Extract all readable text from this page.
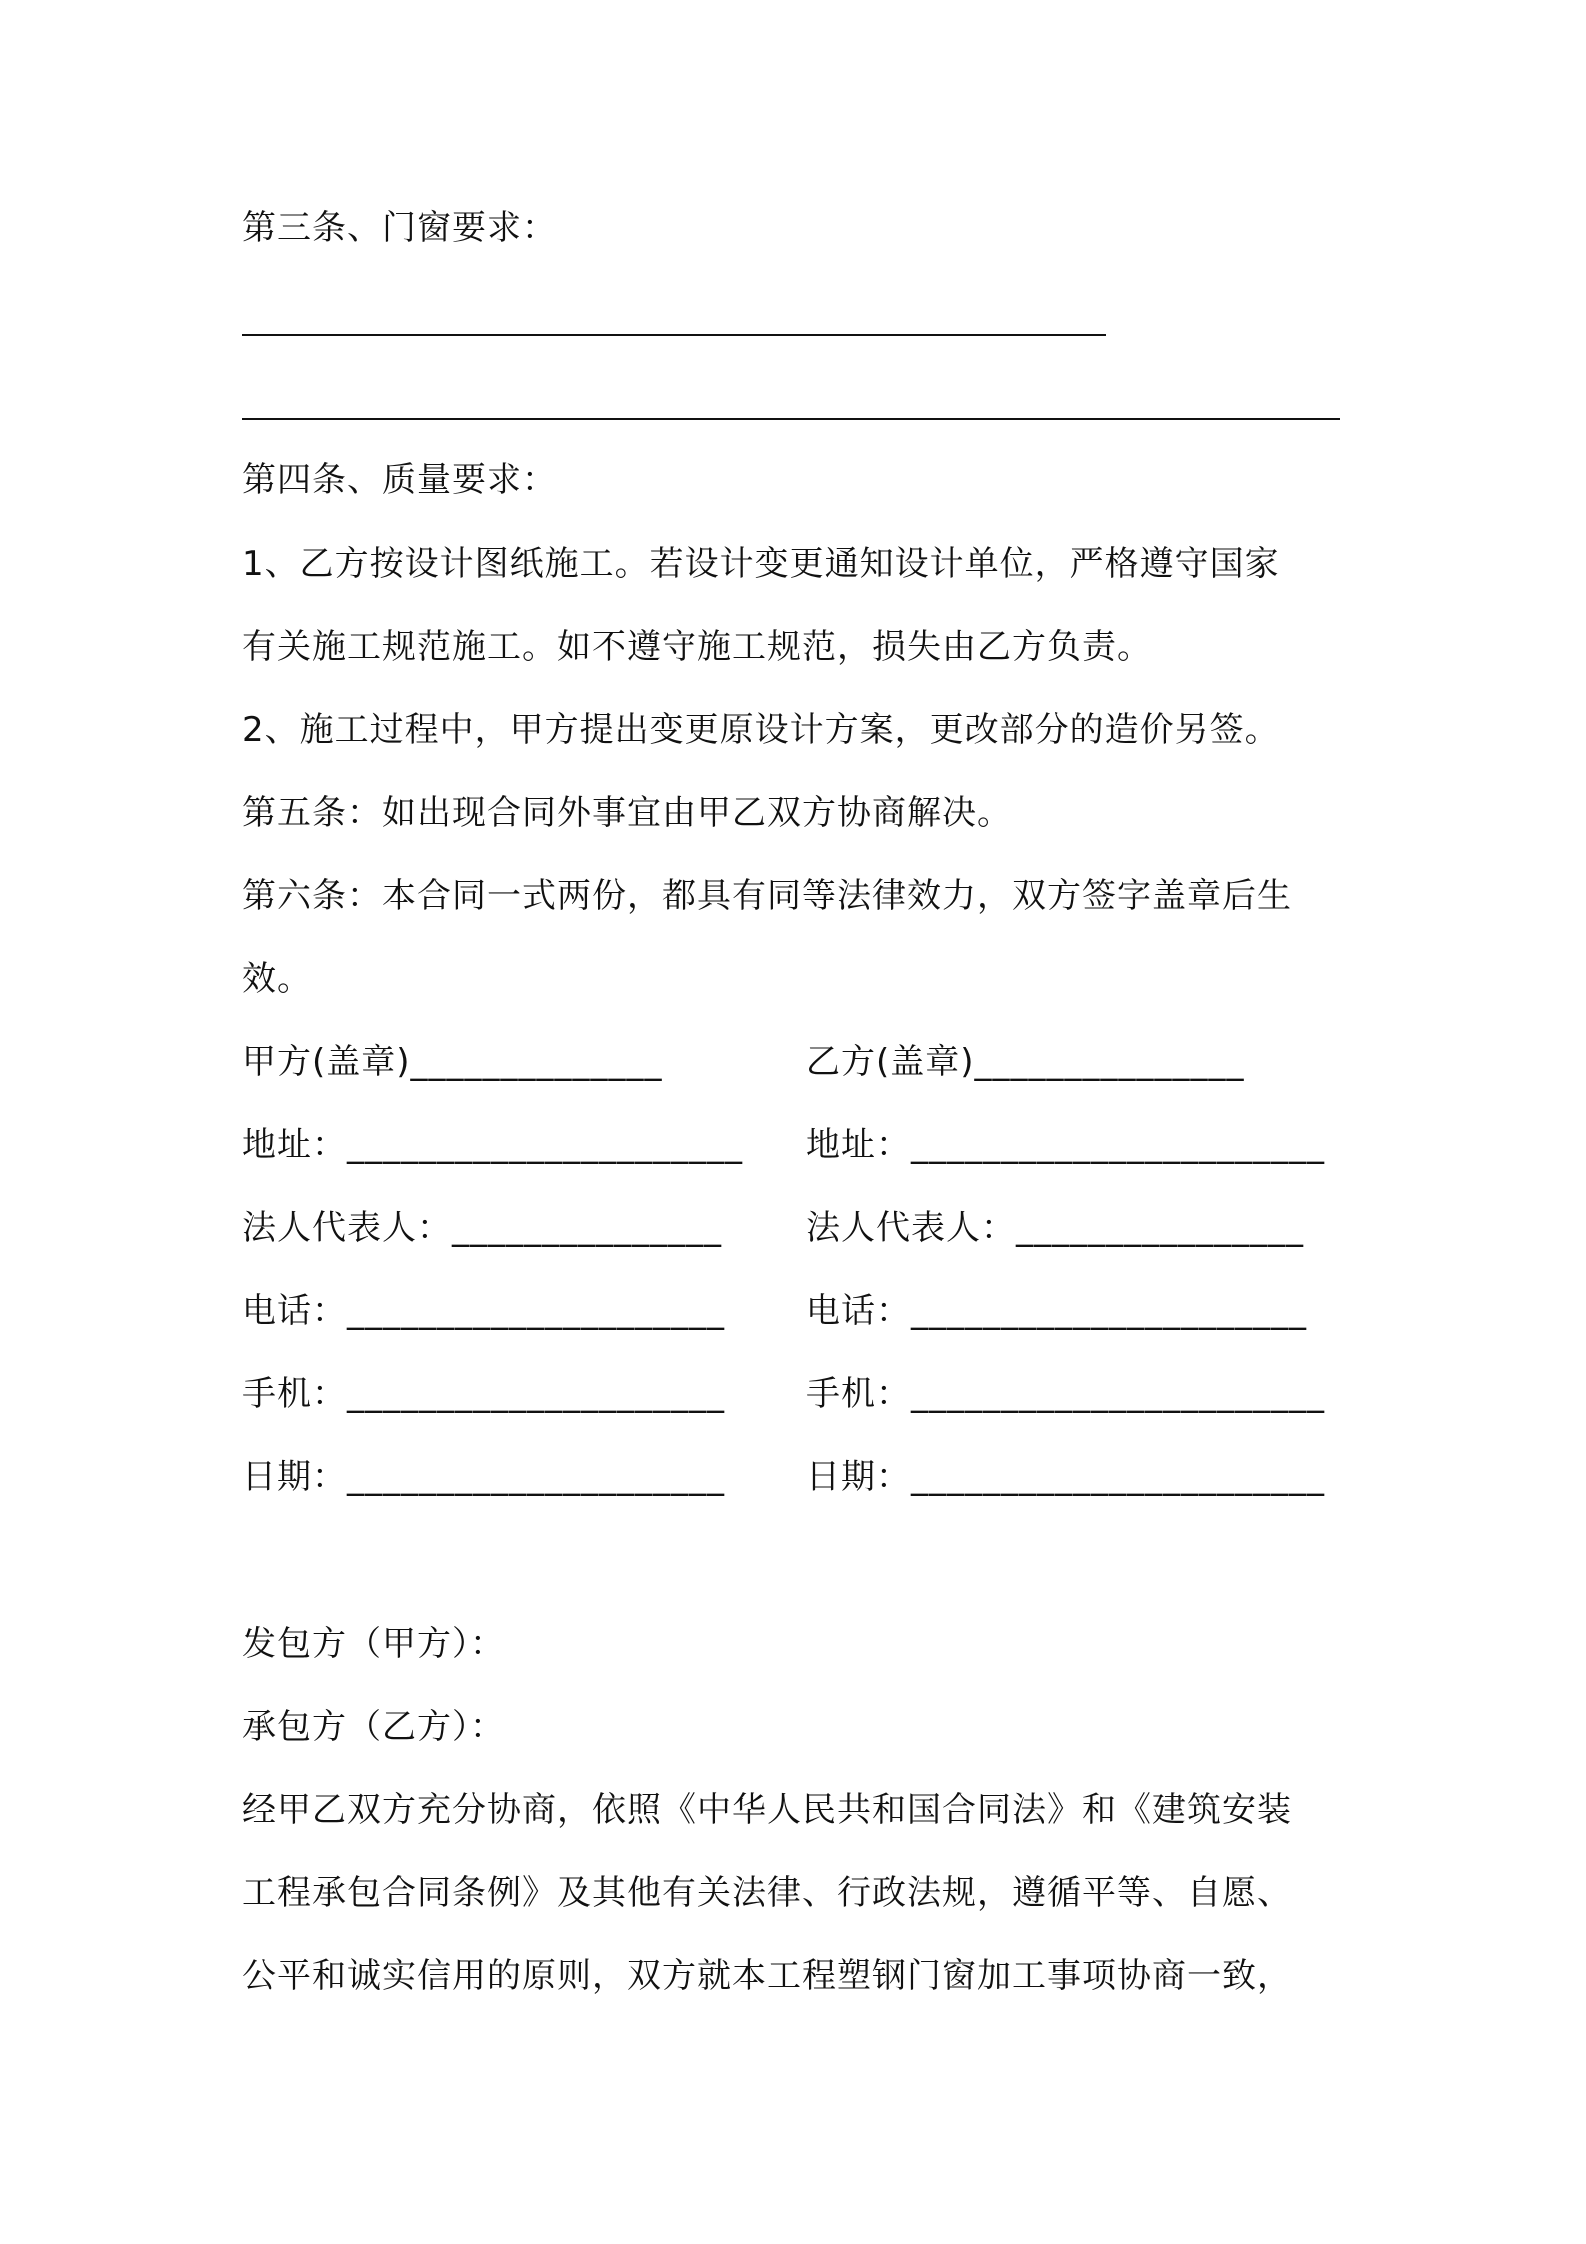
第三条、门窗要求：
第四条、质量要求：
1、乙方按设计图纸施工。若设计变更通知设计单位，严格遵守国家
有关施工规范施工。如不遵守施工规范，损失由乙方负责。
2、施工过程中，甲方提出变更原设计方案，更改部分的造价另签。
第五条：如出现合同外事宜由甲乙双方协商解决。
第六条：本合同一式两份，都具有同等法律效力，双方签字盖章后生
效。
甲方(盖章)______________
地址：______________________
法人代表人：_______________
电话：_____________________
手机：_____________________
日期：_____________________
乙方(盖章)_______________
地址：_______________________
法人代表人：________________
电话：______________________
手机：_______________________
日期：_______________________
发包方（甲方）：
承包方（乙方）：
经甲乙双方充分协商，依照《中华人民共和国合同法》和《建筑安装
工程承包合同条例》及其他有关法律、行政法规，遵循平等、自愿、
公平和诚实信用的原则，双方就本工程塑钢门窗加工事项协商一致，
